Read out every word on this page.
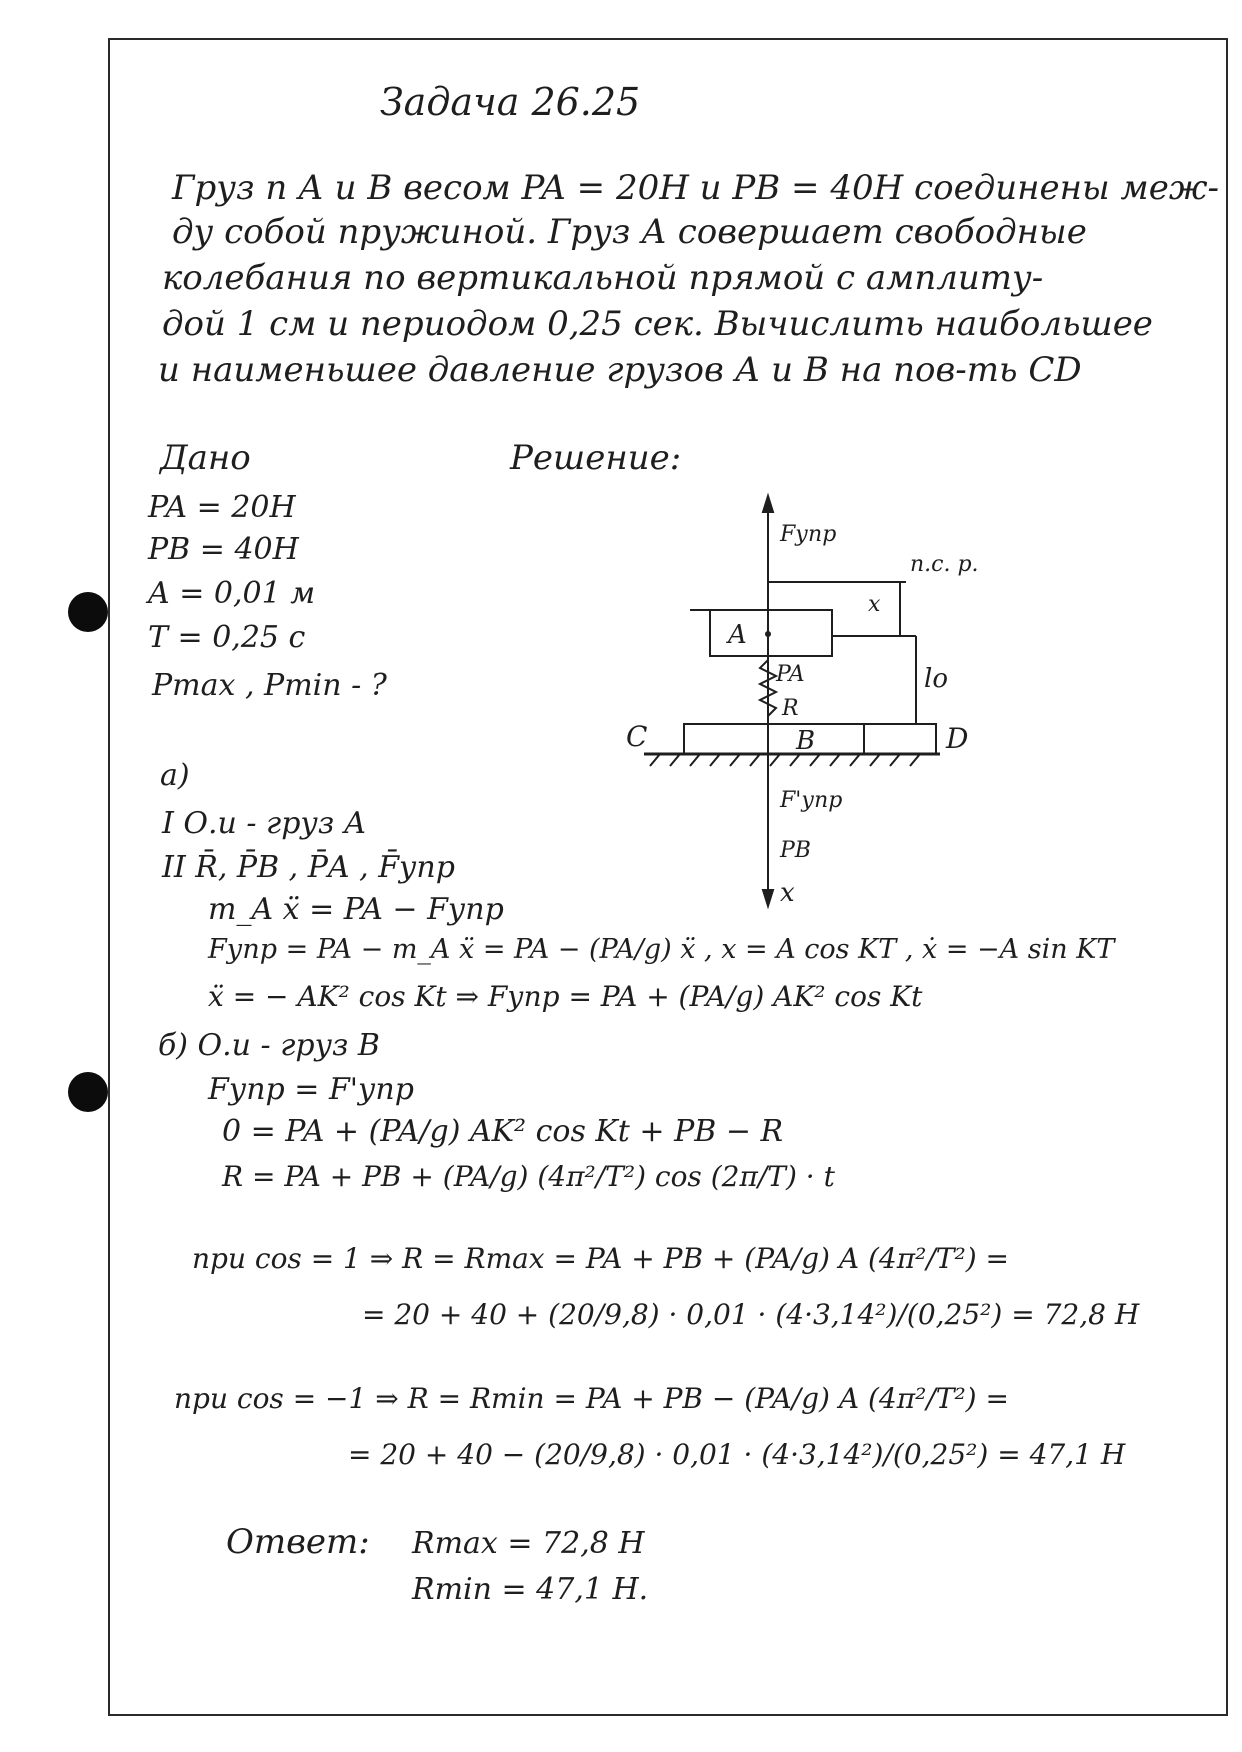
Задача 26.25
Груз п А и В весом PA = 20Н и PB = 40Н соединены меж-
ду собой пружиной. Груз А совершает свободные
колебания по вертикальной прямой с амплиту-
дой 1 см и периодом 0,25 сек. Вычислить наибольшее
и наименьшее давление грузов А и В на пов-ть CD
Дано
PA = 20H
PB = 40H
A = 0,01 м
T = 0,25 с
Pmax , Pmin - ?
Решение:
Fупр
п.с. р.
x
A
PA
R
lo
C	B	D
F'упр
PB
x
а)
I О.и - груз А
II R̄, P̄B , P̄A , F̄упр
m_A ẍ = PA − Fупр
Fупр = PA − m_A ẍ = PA − (PA/g) ẍ , x = A cos KT , ẋ = −A sin KT
ẍ = − AK² cos Kt ⇒ Fупр = PA + (PA/g) AK² cos Kt
б) О.и - груз В
Fупр = F'упр
0 = PA + (PA/g) AK² cos Kt + PB − R
R = PA + PB + (PA/g) (4π²/T²) cos (2π/T) · t
при cos = 1 ⇒ R = Rmax = PA + PB + (PA/g) A (4π²/T²) =
= 20 + 40 + (20/9,8) · 0,01 · (4·3,14²)/(0,25²) = 72,8 H
при cos = −1 ⇒ R = Rmin = PA + PB − (PA/g) A (4π²/T²) =
= 20 + 40 − (20/9,8) · 0,01 · (4·3,14²)/(0,25²) = 47,1 H
Ответ: Rmax = 72,8 H
Rmin = 47,1 H.
